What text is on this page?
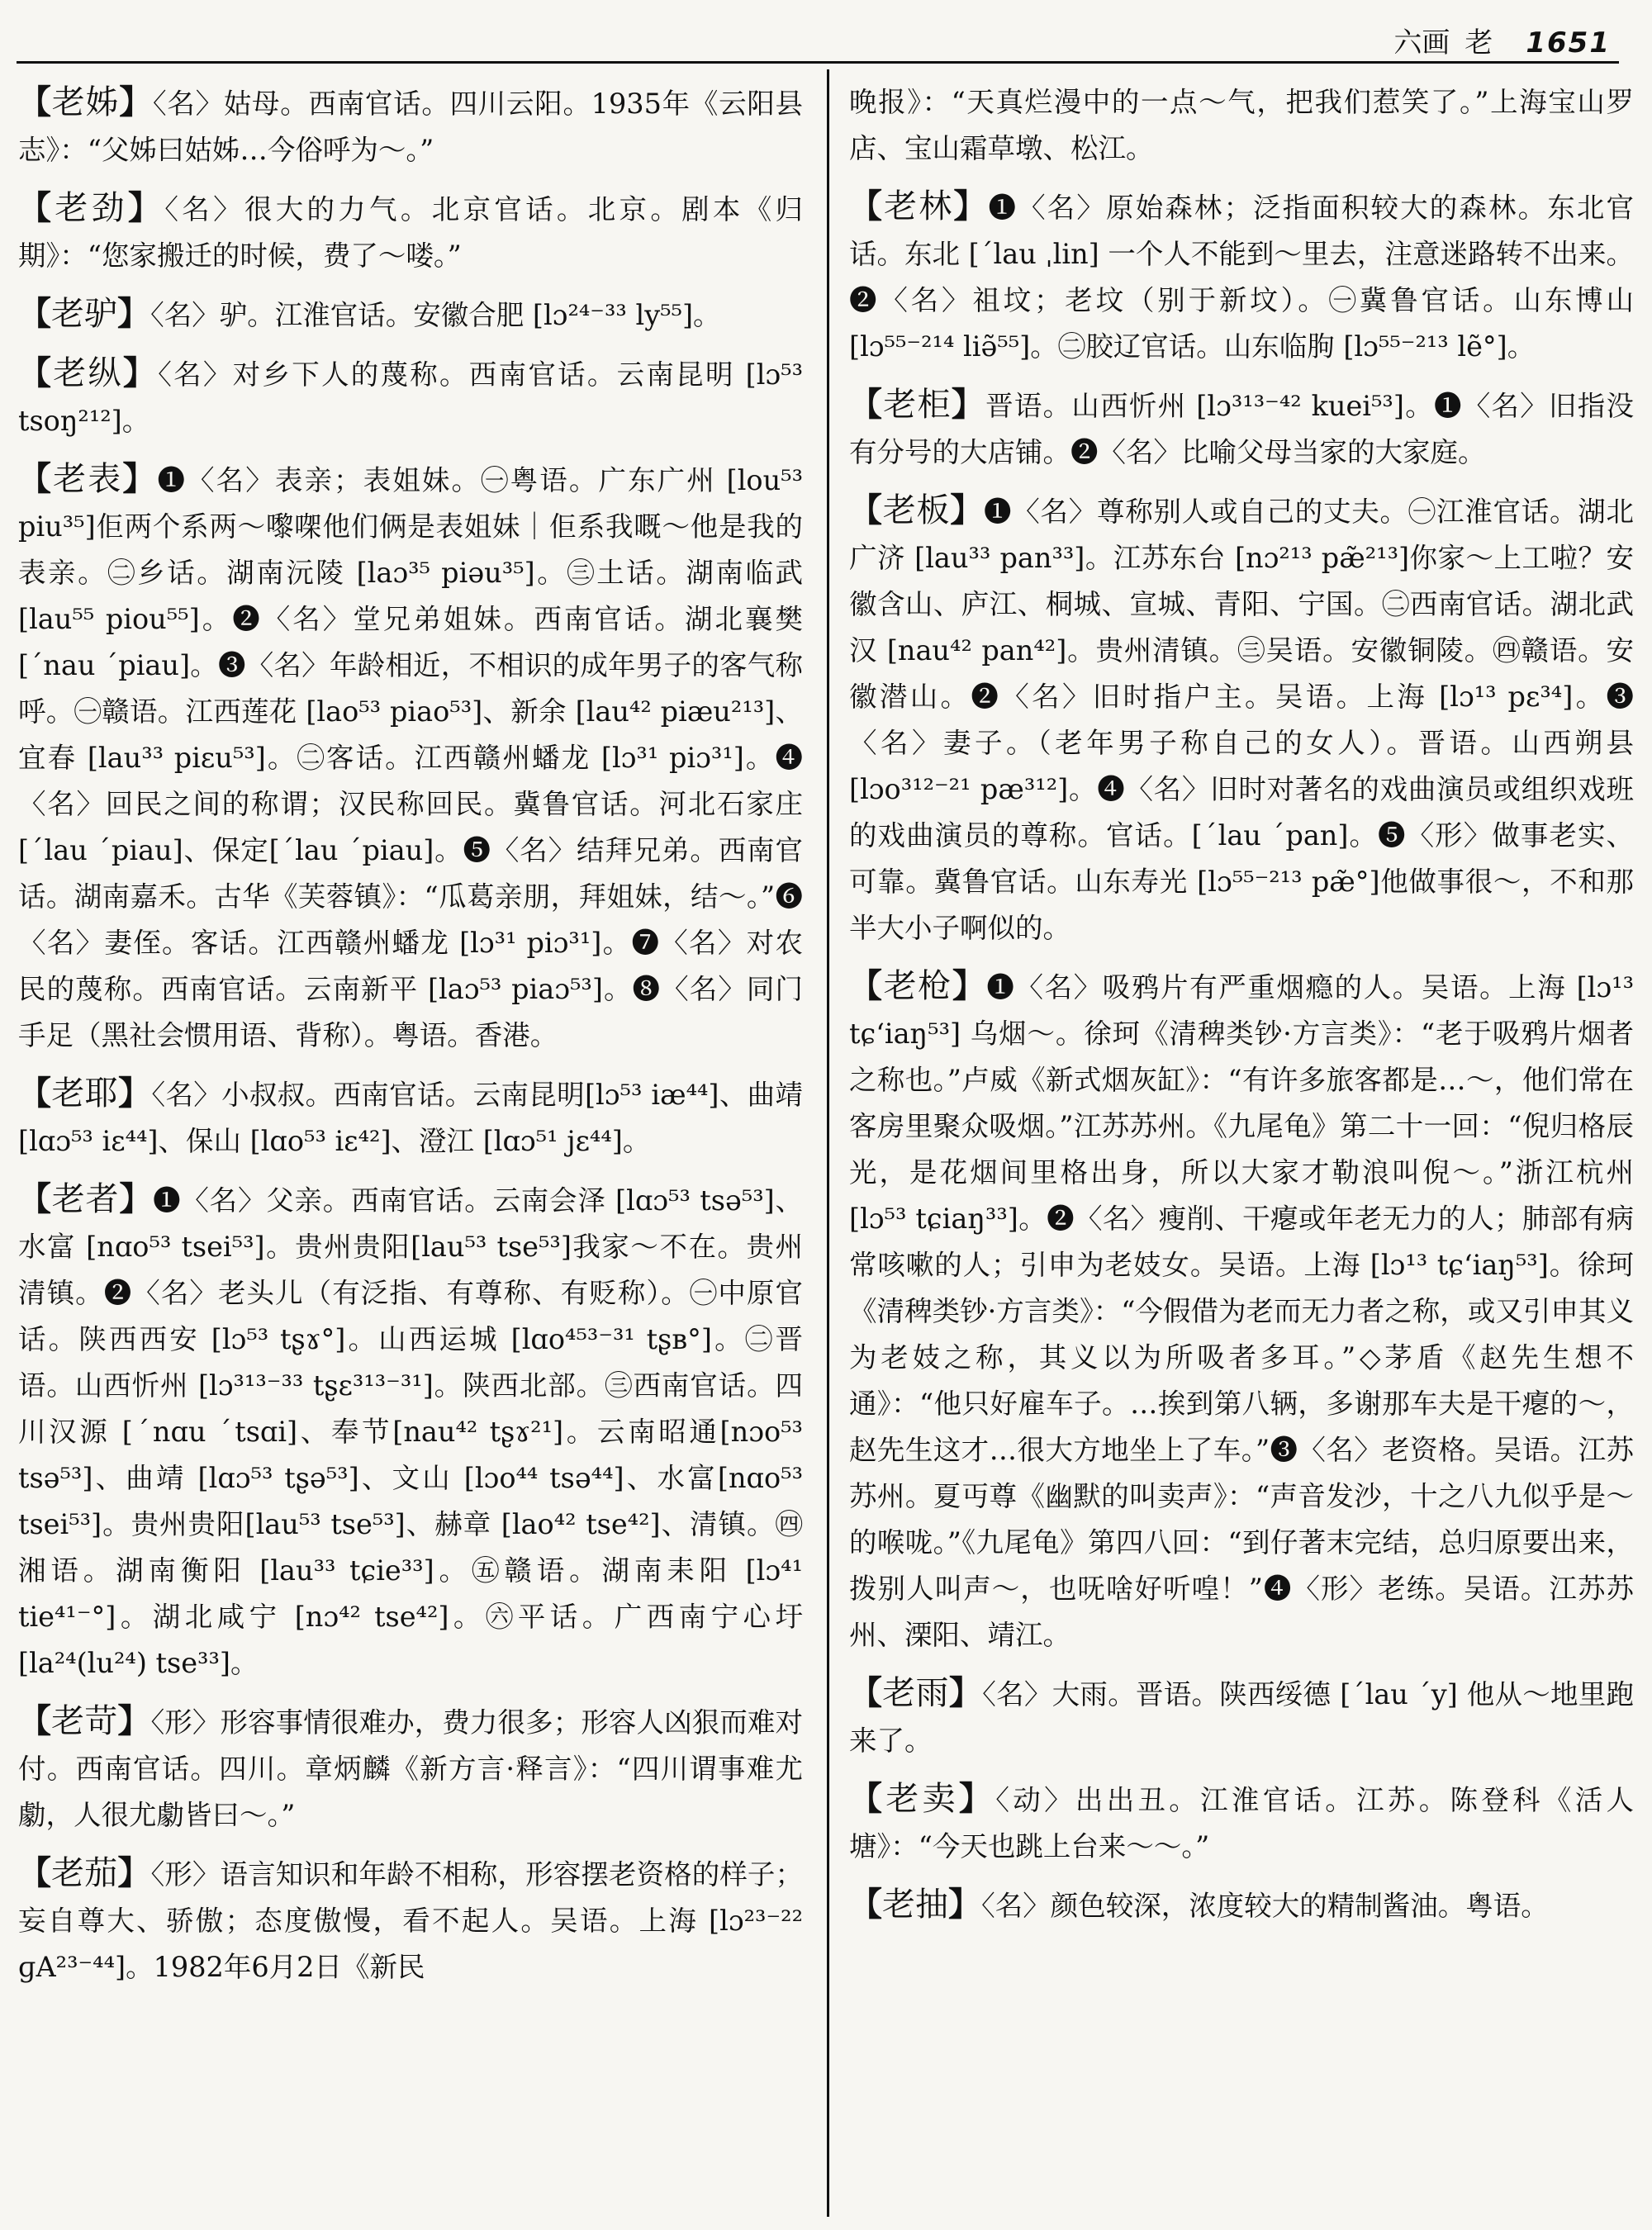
六画 老 1651
【老姊】〈名〉姑母。西南官话。四川云阳。1935年《云阳县志》：“父姊曰姑姊…今俗呼为～。”
【老劲】〈名〉很大的力气。北京官话。北京。剧本《归期》：“您家搬迁的时候，费了～喽。”
【老驴】〈名〉驴。江淮官话。安徽合肥 [lɔ²⁴⁻³³ ly⁵⁵]。
【老纵】〈名〉对乡下人的蔑称。西南官话。云南昆明 [lɔ⁵³ tsoŋ²¹²]。
【老表】❶〈名〉表亲；表姐妹。㊀粤语。广东广州 [lou⁵³ piu³⁵]佢两个系两～嚟㗎他们俩是表姐妹｜佢系我嘅～他是我的表亲。㊁乡话。湖南沅陵 [laɔ³⁵ piəu³⁵]。㊂土话。湖南临武 [lau⁵⁵ piou⁵⁵]。❷〈名〉堂兄弟姐妹。西南官话。湖北襄樊 [ˊnau ˊpiau]。❸〈名〉年龄相近，不相识的成年男子的客气称呼。㊀赣语。江西莲花 [lao⁵³ piao⁵³]、新余 [lau⁴² piæu²¹³]、宜春 [lau³³ piɛu⁵³]。㊁客话。江西赣州蟠龙 [lɔ³¹ piɔ³¹]。❹〈名〉回民之间的称谓；汉民称回民。冀鲁官话。河北石家庄[ˊlau ˊpiau]、保定[ˊlau ˊpiau]。❺〈名〉结拜兄弟。西南官话。湖南嘉禾。古华《芙蓉镇》：“瓜葛亲朋，拜姐妹，结～。”❻〈名〉妻侄。客话。江西赣州蟠龙 [lɔ³¹ piɔ³¹]。❼〈名〉对农民的蔑称。西南官话。云南新平 [laɔ⁵³ piaɔ⁵³]。❽〈名〉同门手足（黑社会惯用语、背称）。粤语。香港。
【老耶】〈名〉小叔叔。西南官话。云南昆明[lɔ⁵³ iæ⁴⁴]、曲靖 [lɑɔ⁵³ iɛ⁴⁴]、保山 [lɑo⁵³ iɛ⁴²]、澄江 [lɑɔ⁵¹ jɛ⁴⁴]。
【老者】❶〈名〉父亲。西南官话。云南会泽 [lɑɔ⁵³ tsə⁵³]、水富 [nɑo⁵³ tsei⁵³]。贵州贵阳[lau⁵³ tse⁵³]我家～不在。贵州清镇。❷〈名〉老头儿（有泛指、有尊称、有贬称）。㊀中原官话。陕西西安 [lɔ⁵³ tʂɤ°]。山西运城 [lɑo⁴⁵³⁻³¹ tʂʙ°]。㊁晋语。山西忻州 [lɔ³¹³⁻³³ tʂɛ³¹³⁻³¹]。陕西北部。㊂西南官话。四川汉源 [ˊnɑu ˊtsɑi]、奉节[nau⁴² tʂɤ²¹]。云南昭通[nɔo⁵³ tsə⁵³]、曲靖 [lɑɔ⁵³ tʂə⁵³]、文山 [lɔo⁴⁴ tsə⁴⁴]、水富[nɑo⁵³ tsei⁵³]。贵州贵阳[lau⁵³ tse⁵³]、赫章 [lao⁴² tse⁴²]、清镇。㊃湘语。湖南衡阳 [lau³³ tɕie³³]。㊄赣语。湖南耒阳 [lɔ⁴¹ tie⁴¹⁻°]。湖北咸宁 [nɔ⁴² tse⁴²]。㊅平话。广西南宁心圩 [la²⁴(lu²⁴) tse³³]。
【老苛】〈形〉形容事情很难办，费力很多；形容人凶狠而难对付。西南官话。四川。章炳麟《新方言·释言》：“四川谓事难尤勮，人很尤勮皆曰～。”
【老茄】〈形〉语言知识和年龄不相称，形容摆老资格的样子；妄自尊大、骄傲；态度傲慢，看不起人。吴语。上海 [lɔ²³⁻²² ɡA²³⁻⁴⁴]。1982年6月2日《新民
晚报》：“天真烂漫中的一点～气，把我们惹笑了。”上海宝山罗店、宝山霜草墩、松江。
【老林】❶〈名〉原始森林；泛指面积较大的森林。东北官话。东北 [ˊlau ˌlin] 一个人不能到～里去，注意迷路转不出来。❷〈名〉祖坟；老坟（别于新坟）。㊀冀鲁官话。山东博山 [lɔ⁵⁵⁻²¹⁴ liə̃⁵⁵]。㊁胶辽官话。山东临朐 [lɔ⁵⁵⁻²¹³ lẽ°]。
【老柜】晋语。山西忻州 [lɔ³¹³⁻⁴² kuei⁵³]。❶〈名〉旧指没有分号的大店铺。❷〈名〉比喻父母当家的大家庭。
【老板】❶〈名〉尊称别人或自己的丈夫。㊀江淮官话。湖北广济 [lau³³ pan³³]。江苏东台 [nɔ²¹³ pæ̃²¹³]你家～上工啦？安徽含山、庐江、桐城、宣城、青阳、宁国。㊁西南官话。湖北武汉 [nau⁴² pan⁴²]。贵州清镇。㊂吴语。安徽铜陵。㊃赣语。安徽潜山。❷〈名〉旧时指户主。吴语。上海 [lɔ¹³ pɛ³⁴]。❸〈名〉妻子。（老年男子称自己的女人）。晋语。山西朔县 [lɔo³¹²⁻²¹ pæ³¹²]。❹〈名〉旧时对著名的戏曲演员或组织戏班的戏曲演员的尊称。官话。[ˊlau ˊpan]。❺〈形〉做事老实、可靠。冀鲁官话。山东寿光 [lɔ⁵⁵⁻²¹³ pæ̃°]他做事很～，不和那半大小子啊似的。
【老枪】❶〈名〉吸鸦片有严重烟瘾的人。吴语。上海 [lɔ¹³ tɕʻiaŋ⁵³] 乌烟～。徐珂《清稗类钞·方言类》：“老于吸鸦片烟者之称也。”卢威《新式烟灰缸》：“有许多旅客都是…～，他们常在客房里聚众吸烟。”江苏苏州。《九尾龟》第二十一回：“倪归格辰光，是花烟间里格出身，所以大家才勒浪叫倪～。”浙江杭州 [lɔ⁵³ tɕiaŋ³³]。❷〈名〉瘦削、干瘪或年老无力的人；肺部有病常咳嗽的人；引申为老妓女。吴语。上海 [lɔ¹³ tɕʻiaŋ⁵³]。徐珂《清稗类钞·方言类》：“今假借为老而无力者之称，或又引申其义为老妓之称，其义以为所吸者多耳。”◇茅盾《赵先生想不通》：“他只好雇车子。…挨到第八辆，多谢那车夫是干瘪的～，赵先生这才…很大方地坐上了车。”❸〈名〉老资格。吴语。江苏苏州。夏丏尊《幽默的叫卖声》：“声音发沙，十之八九似乎是～的喉咙。”《九尾龟》第四八回：“到仔著末完结，总归原要出来，拨别人叫声～，也呒啥好听喤！”❹〈形〉老练。吴语。江苏苏州、溧阳、靖江。
【老雨】〈名〉大雨。晋语。陕西绥德 [ˊlau ˊy] 他从～地里跑来了。
【老卖】〈动〉出出丑。江淮官话。江苏。陈登科《活人塘》：“今天也跳上台来～～。”
【老抽】〈名〉颜色较深，浓度较大的精制酱油。粤语。
